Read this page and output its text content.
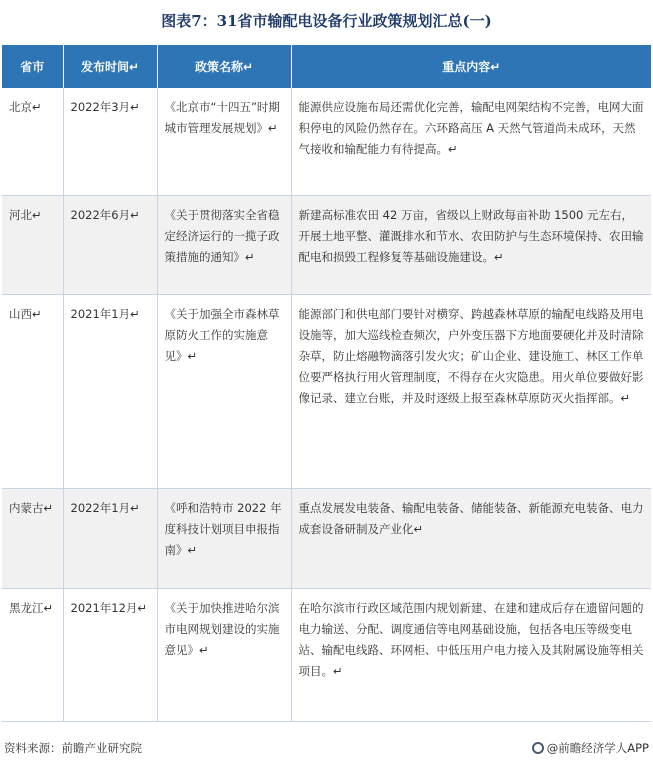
图表7：31省市输配电设备行业政策规划汇总(一)
省市	发布时间↵	政策名称↵	重点内容↵
北京↵	2022年3月↵	《北京市“十四五”时期城市管理发展规划》↵	能源供应设施布局还需优化完善，输配电网架结构不完善，电网大面积停电的风险仍然存在。六环路高压 A 天然气管道尚未成环，天然气接收和输配能力有待提高。↵
河北↵	2022年6月↵	《关于贯彻落实全省稳定经济运行的一揽子政策措施的通知》↵	新建高标准农田 42 万亩，省级以上财政每亩补助 1500 元左右，开展土地平整、灌溉排水和节水、农田防护与生态环境保持、农田输配电和损毁工程修复等基础设施建设。↵
山西↵	2021年1月↵	《关于加强全市森林草原防火工作的实施意见》↵	能源部门和供电部门要针对横穿、跨越森林草原的输配电线路及用电设施等，加大巡线检查频次，户外变压器下方地面要硬化并及时清除杂草，防止熔融物滴落引发火灾；矿山企业、建设施工、林区工作单位要严格执行用火管理制度，不得存在火灾隐患。用火单位要做好影像记录、建立台账，并及时逐级上报至森林草原防灭火指挥部。↵
内蒙古↵	2022年1月↵	《呼和浩特市 2022 年度科技计划项目申报指南》↵	重点发展发电装备、输配电装备、储能装备、新能源充电装备、电力成套设备研制及产业化↵
黑龙江↵	2021年12月↵	《关于加快推进哈尔滨市电网规划建设的实施意见》↵	在哈尔滨市行政区域范围内规划新建、在建和建成后存在遗留问题的电力输送、分配、调度通信等电网基础设施，包括各电压等级变电站、输配电线路、环网柜、中低压用户电力接入及其附属设施等相关项目。↵
资料来源：前瞻产业研究院	@前瞻经济学人APP
